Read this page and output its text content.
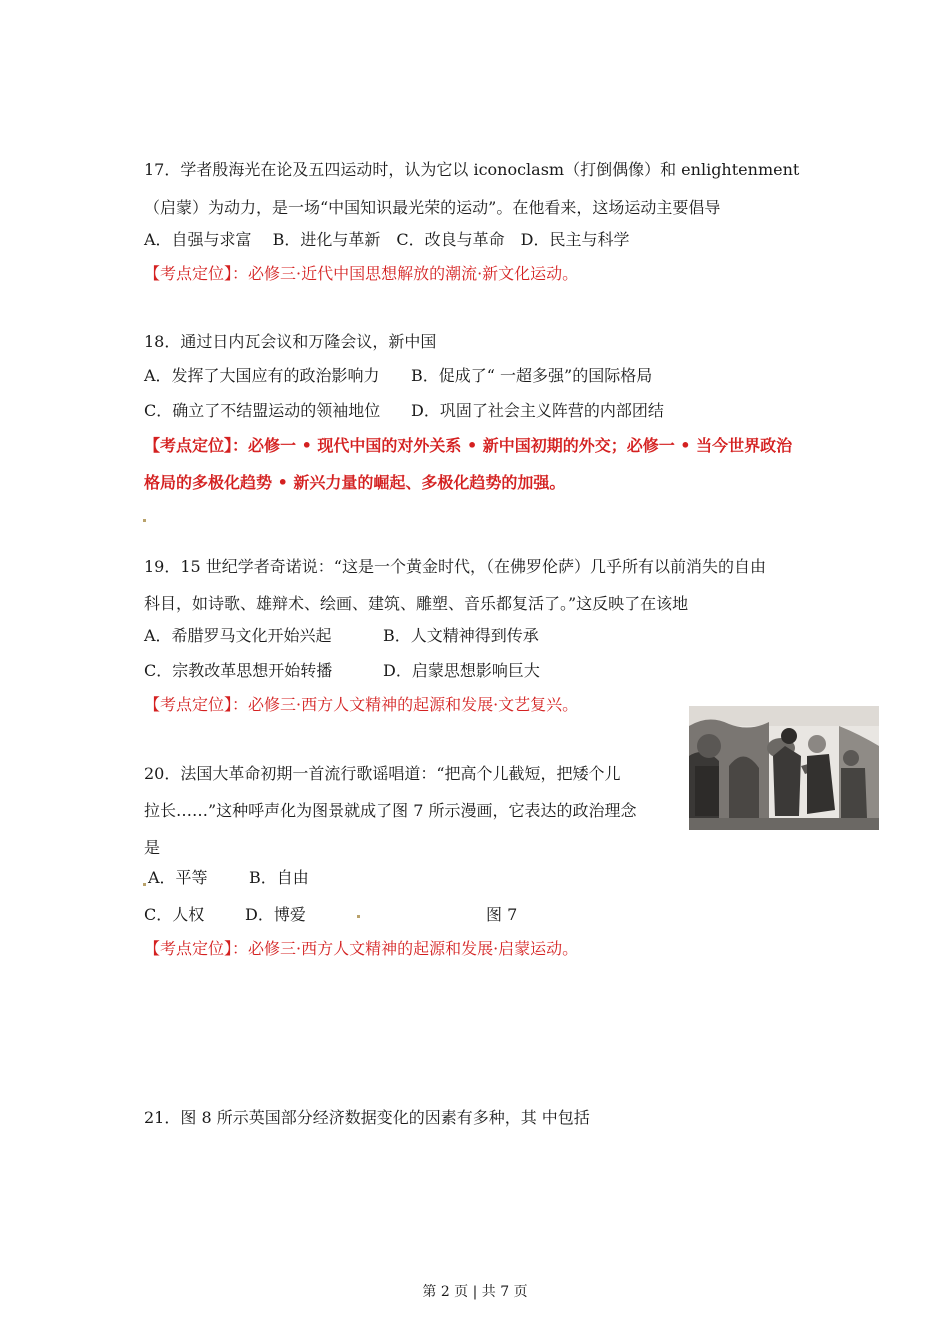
17．学者殷海光在论及五四运动时，认为它以 iconoclasm（打倒偶像）和 enlightenment
（启蒙）为动力，是一场“中国知识最光荣的运动”。在他看来，这场运动主要倡导
A．自强与求富　 B．进化与革新　C．改良与革命　D．民主与科学
【考点定位】：必修三·近代中国思想解放的潮流·新文化运动。
18．通过日内瓦会议和万隆会议，新中国
A．发挥了大国应有的政治影响力 B．促成了“ 一超多强”的国际格局
C．确立了不结盟运动的领袖地位 D．巩固了社会主义阵营的内部团结
【考点定位】：必修一 • 现代中国的对外关系 • 新中国初期的外交；必修一 • 当今世界政治
格局的多极化趋势 • 新兴力量的崛起、多极化趋势的加强。
19．15 世纪学者奇诺说：“这是一个黄金时代，（在佛罗伦萨）几乎所有以前消失的自由
科目，如诗歌、雄辩术、绘画、建筑、雕塑、音乐都复活了。”这反映了在该地
A．希腊罗马文化开始兴起	B．人文精神得到传承
C．宗教改革思想开始转播	D．启蒙思想影响巨大
【考点定位】：必修三·西方人文精神的起源和发展·文艺复兴。
20．法国大革命初期一首流行歌谣唱道：“把高个儿截短，把矮个儿
拉长……”这种呼声化为图景就成了图 7 所示漫画，它表达的政治理念
是
A．平等	B．自由
C．人权	D．博爱	图 7
【考点定位】：必修三·西方人文精神的起源和发展·启蒙运动。
21．图 8 所示英国部分经济数据变化的因素有多种，其 中包括
第 2 页 | 共 7 页
